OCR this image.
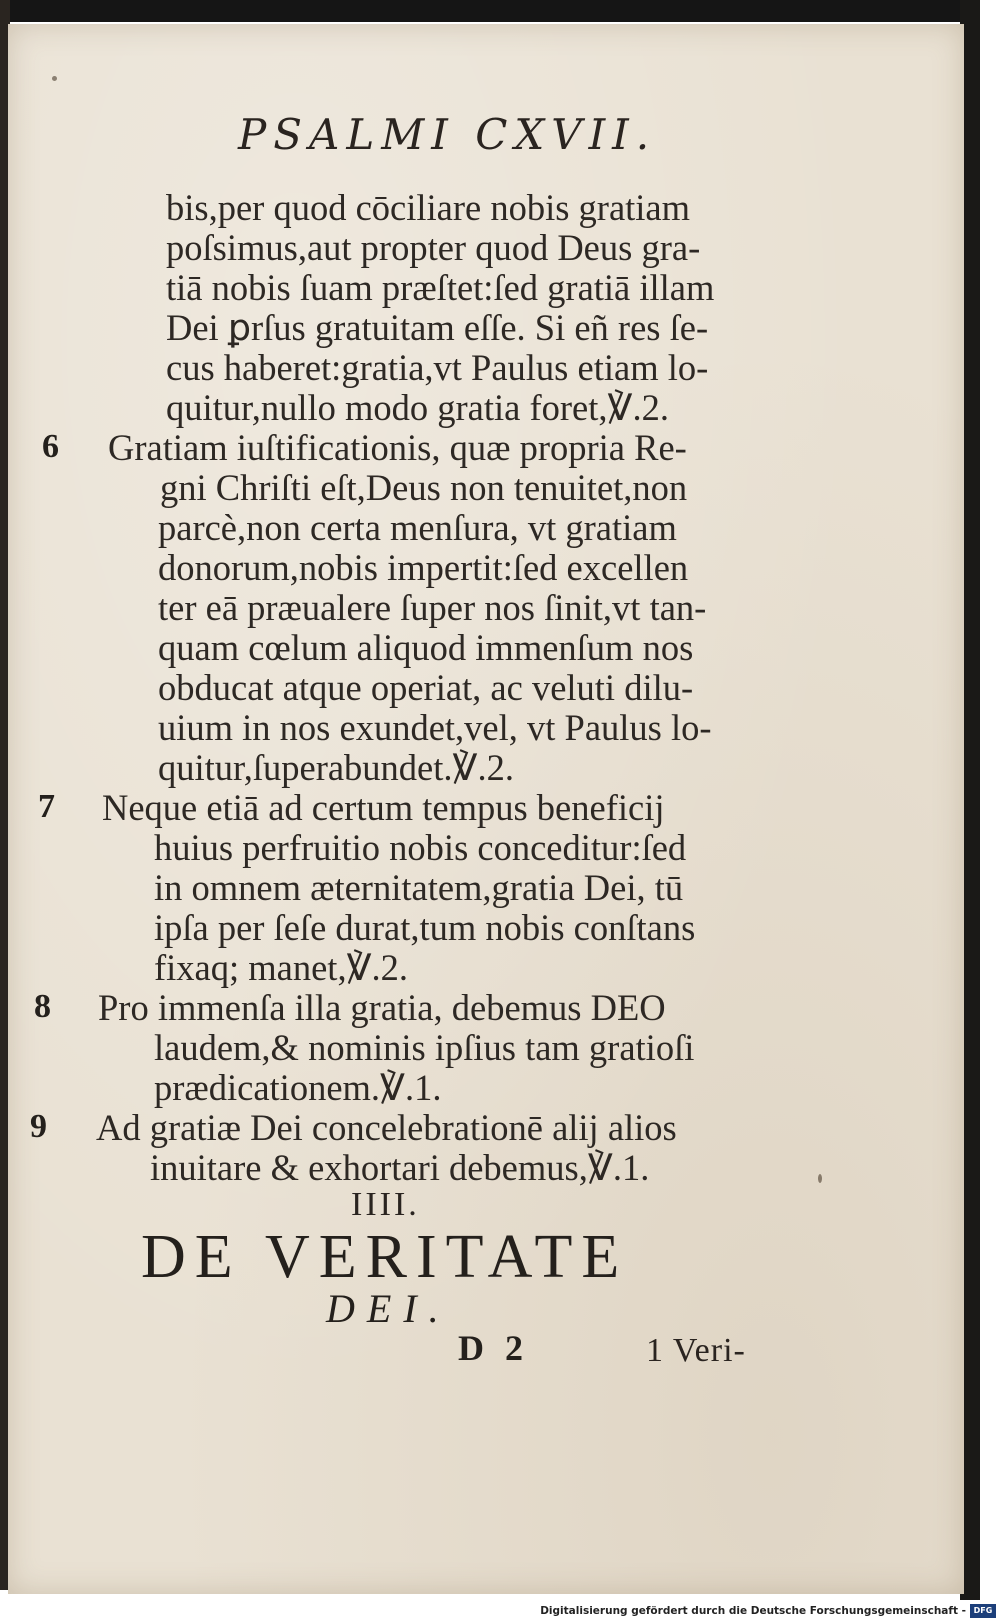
PSALMI CXVII.

bis,per quod cōciliare nobis gratiam

poſsimus,aut propter quod Deus gra-

tiā nobis ſuam præſtet:ſed gratiā illam

Dei ꝑrſus gratuitam eſſe. Si eñ res ſe-

cus haberet:gratia,vt Paulus etiam lo-

quitur,nullo modo gratia foret,℣.2.

6 Gratiam iuſtificationis, quæ propria Re-

gni Chriſti eſt,Deus non tenuitet,non

parcè,non certa menſura, vt gratiam

donorum,nobis impertit:ſed excellen

ter eā præualere ſuper nos ſinit,vt tan-

quam cœlum aliquod immenſum nos

obducat atque operiat, ac veluti dilu-

uium in nos exundet,vel, vt Paulus lo-

quitur,ſuperabundet.℣.2.

7 Neque etiā ad certum tempus beneficij

huius perfruitio nobis conceditur:ſed

in omnem æternitatem,gratia Dei, tū

ipſa per ſeſe durat,tum nobis conſtans

fixaq; manet,℣.2.

8 Pro immenſa illa gratia, debemus DEO

laudem,& nominis ipſius tam gratioſi

prædicationem.℣.1.

9 Ad gratiæ Dei concelebrationē alij alios

inuitare & exhortari debemus,℣.1.

IIII.

DE VERITATE

DEI.

D 2	1 Veri-
Digitalisierung gefördert durch die Deutsche Forschungsgemeinschaft - DFG
